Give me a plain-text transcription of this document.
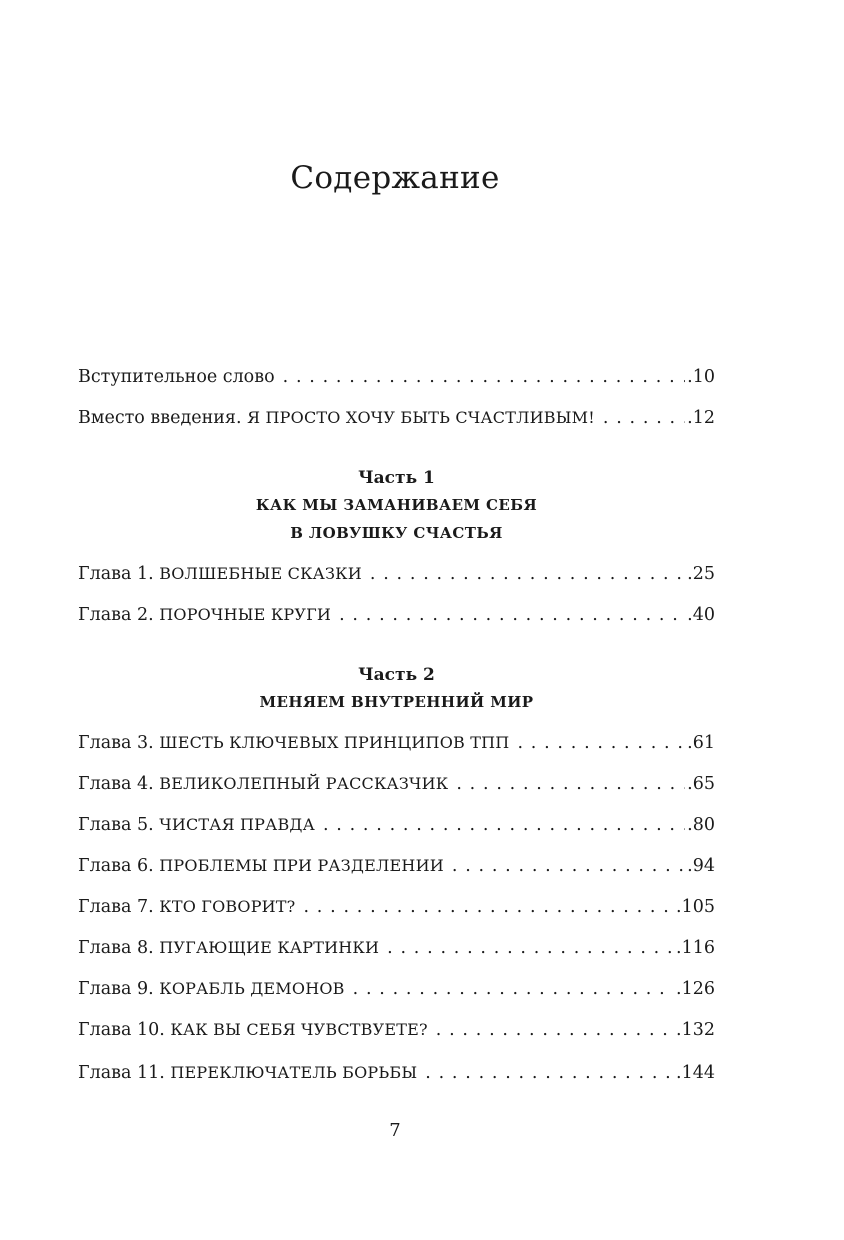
Содержание
Вступительное слово . . .	.10
Вместо введения. Я ПРОСТО ХОЧУ БЫТЬ СЧАСТЛИВЫМ! . . .	.12
Часть 1
КАК МЫ ЗАМАНИВАЕМ СЕБЯ
В ЛОВУШКУ СЧАСТЬЯ
Глава 1. ВОЛШЕБНЫЕ СКАЗКИ . . .	.25
Глава 2. ПОРОЧНЫЕ КРУГИ . . .	.40
Часть 2
МЕНЯЕМ ВНУТРЕННИЙ МИР
Глава 3. ШЕСТЬ КЛЮЧЕВЫХ ПРИНЦИПОВ ТПП . . .	.61
Глава 4. ВЕЛИКОЛЕПНЫЙ РАССКАЗЧИК . . .	.65
Глава 5. ЧИСТАЯ ПРАВДА . . .	.80
Глава 6. ПРОБЛЕМЫ ПРИ РАЗДЕЛЕНИИ . . .	.94
Глава 7. КТО ГОВОРИТ? . . .	.105
Глава 8. ПУГАЮЩИЕ КАРТИНКИ . . .	.116
Глава 9. КОРАБЛЬ ДЕМОНОВ . . .	.126
Глава 10. КАК ВЫ СЕБЯ ЧУВСТВУЕТЕ? . . .	.132
Глава 11. ПЕРЕКЛЮЧАТЕЛЬ БОРЬБЫ . . .	.144
7
